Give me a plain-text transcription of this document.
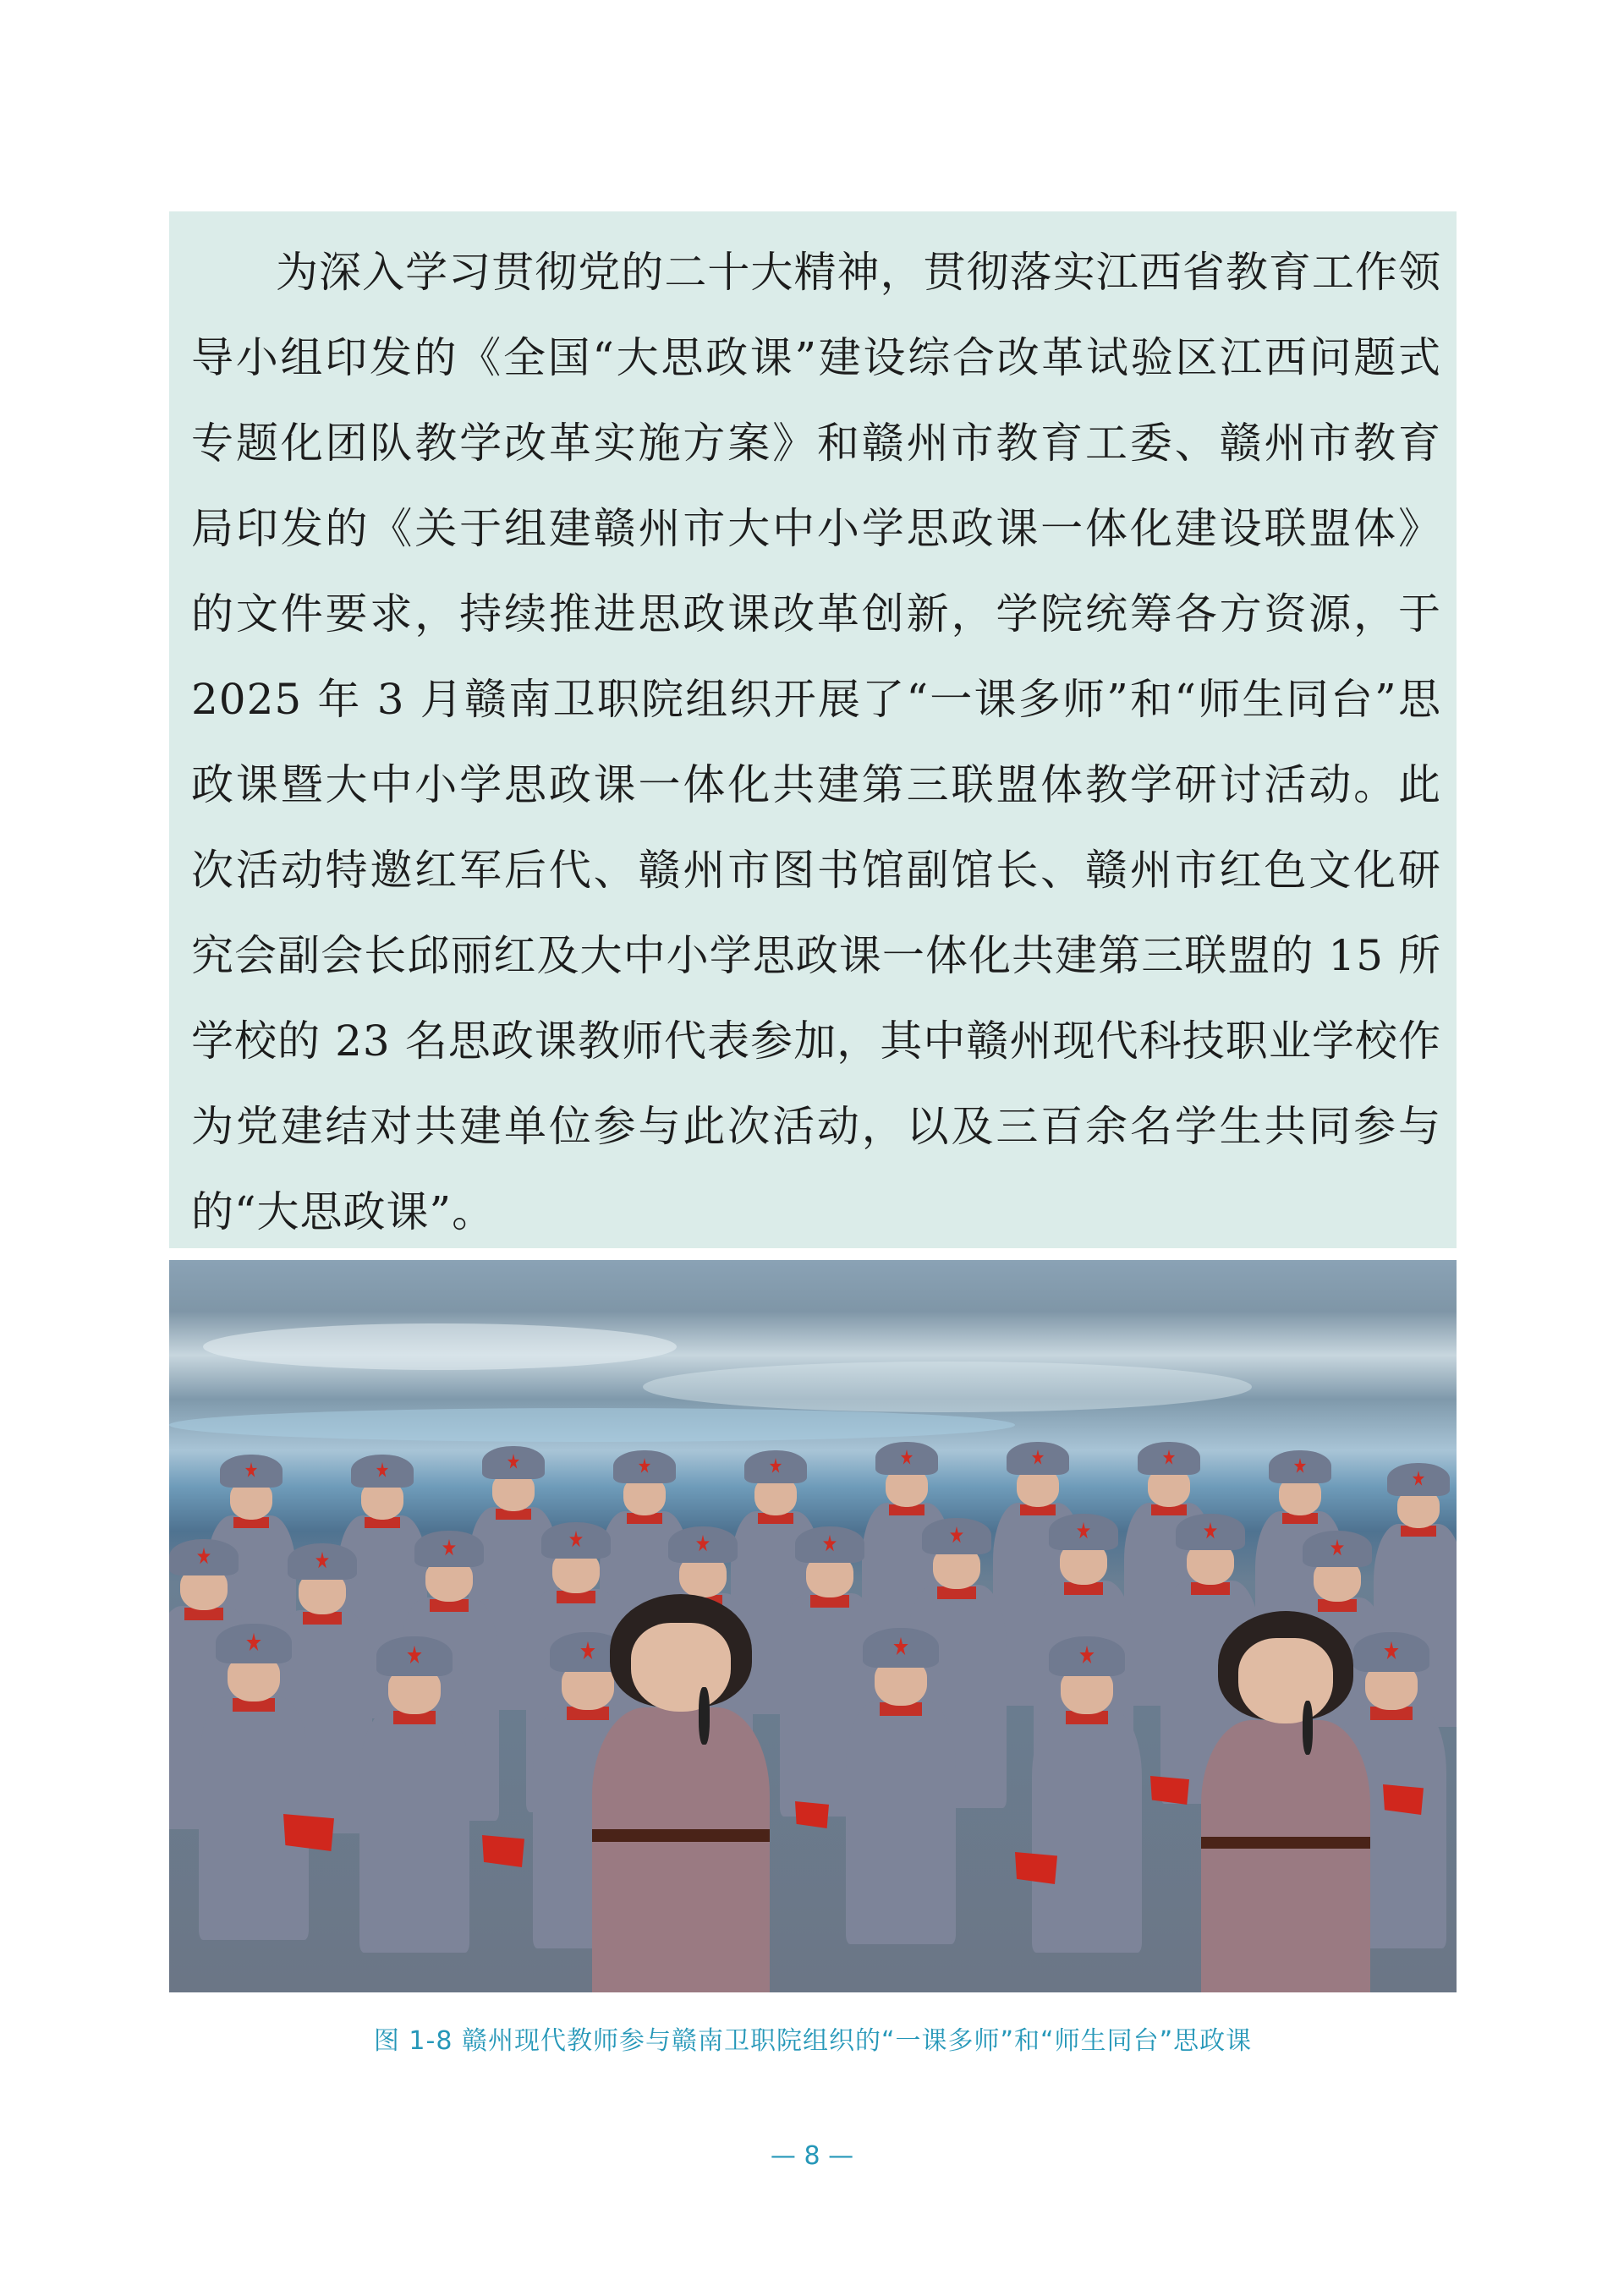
为深入学习贯彻党的二十大精神，贯彻落实江西省教育工作领导小组印发的《全国“大思政课”建设综合改革试验区江西问题式专题化团队教学改革实施方案》和赣州市教育工委、赣州市教育局印发的《关于组建赣州市大中小学思政课一体化建设联盟体》的文件要求，持续推进思政课改革创新，学院统筹各方资源，于 2025 年 3 月赣南卫职院组织开展了“一课多师”和“师生同台”思政课暨大中小学思政课一体化共建第三联盟体教学研讨活动。此次活动特邀红军后代、赣州市图书馆副馆长、赣州市红色文化研究会副会长邱丽红及大中小学思政课一体化共建第三联盟的 15 所学校的 23 名思政课教师代表参加，其中赣州现代科技职业学校作为党建结对共建单位参与此次活动，以及三百余名学生共同参与的“大思政课”。

图 1-8 赣州现代教师参与赣南卫职院组织的“一课多师”和“师生同台”思政课
— 8 —
